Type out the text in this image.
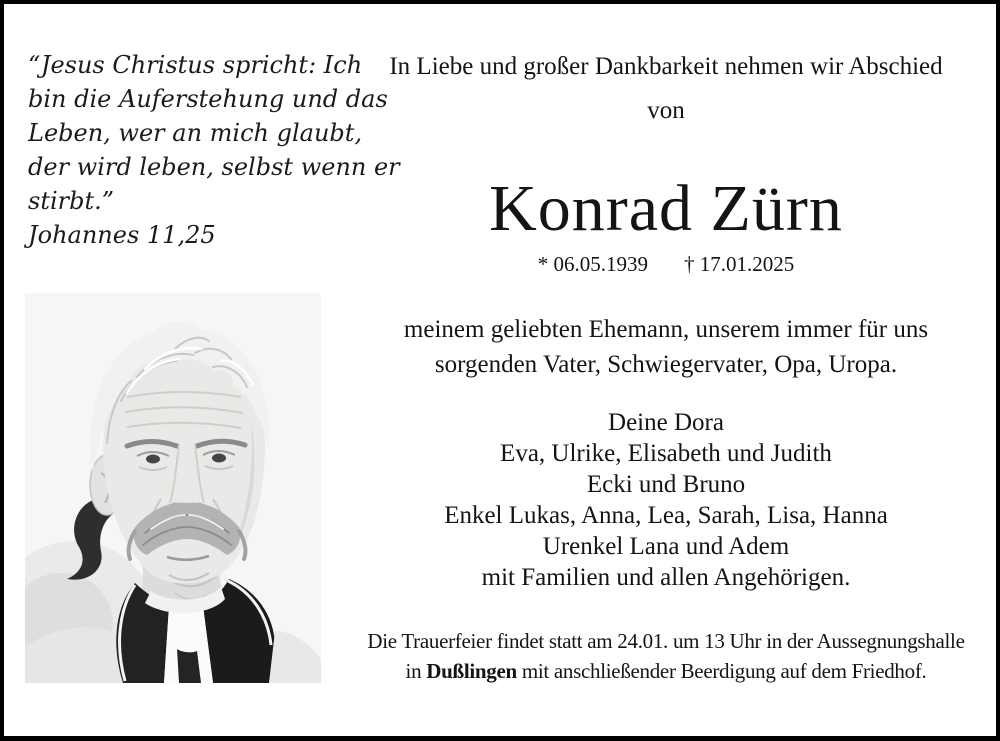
“Jesus Christus spricht: Ich
bin die Auferstehung und das
Leben, wer an mich glaubt,
der wird leben, selbst wenn er
stirbt.”
Johannes 11,25
In Liebe und großer Dankbarkeit nehmen wir Abschied
von
Konrad Zürn
* 06.05.1939 † 17.01.2025
meinem geliebten Ehemann, unserem immer für uns
sorgenden Vater, Schwiegervater, Opa, Uropa.
Deine Dora
Eva, Ulrike, Elisabeth und Judith
Ecki und Bruno
Enkel Lukas, Anna, Lea, Sarah, Lisa, Hanna
Urenkel Lana und Adem
mit Familien und allen Angehörigen.
Die Trauerfeier findet statt am 24.01. um 13 Uhr in der Aussegnungshalle
in Dußlingen mit anschließender Beerdigung auf dem Friedhof.
